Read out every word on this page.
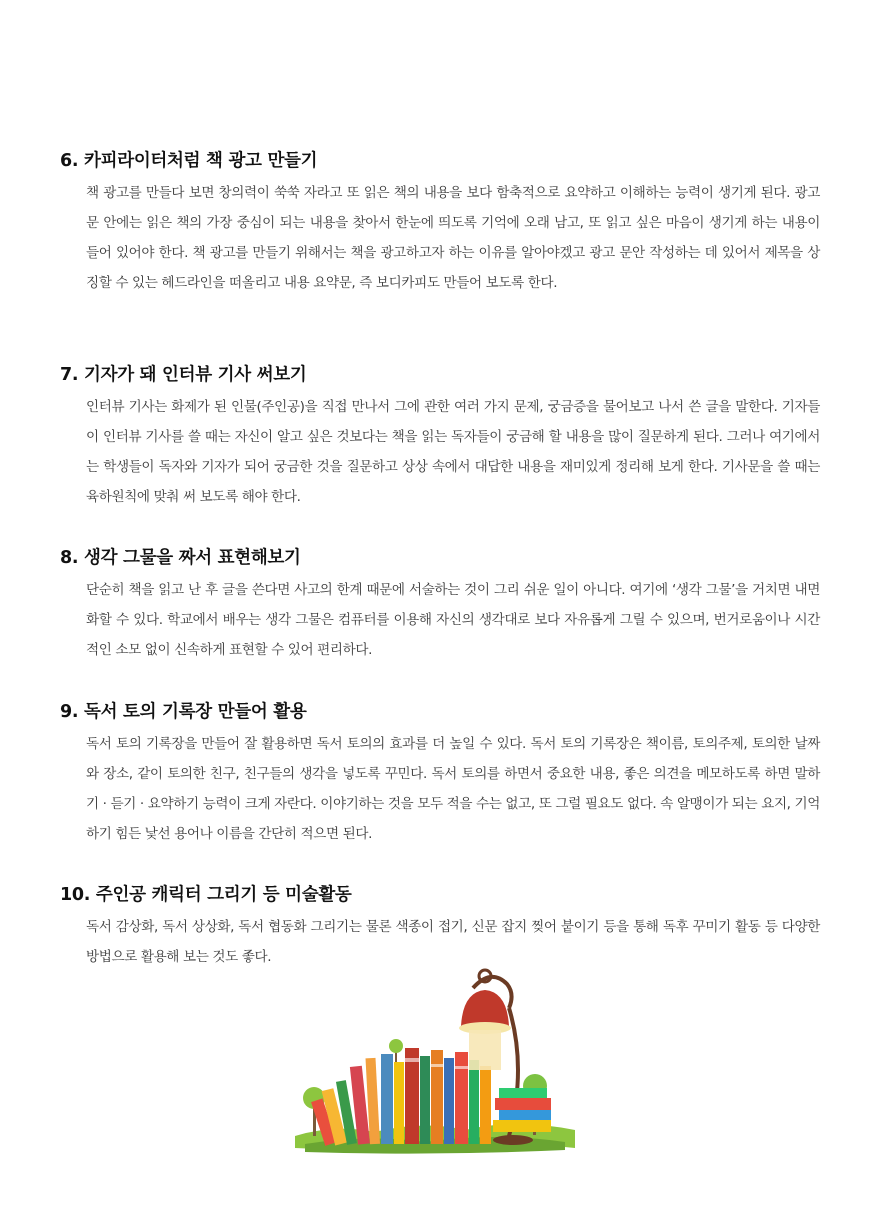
6. 카피라이터처럼 책 광고 만들기

책 광고를 만들다 보면 창의력이 쑥쑥 자라고 또 읽은 책의 내용을 보다 함축적으로 요약하고 이해하는 능력이 생기게 된다. 광고문 안에는 읽은 책의 가장 중심이 되는 내용을 찾아서 한눈에 띄도록 기억에 오래 남고, 또 읽고 싶은 마음이 생기게 하는 내용이 들어 있어야 한다. 책 광고를 만들기 위해서는 책을 광고하고자 하는 이유를 알아야겠고 광고 문안 작성하는 데 있어서 제목을 상징할 수 있는 헤드라인을 떠올리고 내용 요약문, 즉 보디카피도 만들어 보도록 한다.

7. 기자가 돼 인터뷰 기사 써보기

인터뷰 기사는 화제가 된 인물(주인공)을 직접 만나서 그에 관한 여러 가지 문제, 궁금증을 물어보고 나서 쓴 글을 말한다. 기자들이 인터뷰 기사를 쓸 때는 자신이 알고 싶은 것보다는 책을 읽는 독자들이 궁금해 할 내용을 많이 질문하게 된다. 그러나 여기에서는 학생들이 독자와 기자가 되어 궁금한 것을 질문하고 상상 속에서 대답한 내용을 재미있게 정리해 보게 한다. 기사문을 쓸 때는 육하원칙에 맞춰 써 보도록 해야 한다.

8. 생각 그물을 짜서 표현해보기

단순히 책을 읽고 난 후 글을 쓴다면 사고의 한계 때문에 서술하는 것이 그리 쉬운 일이 아니다. 여기에 ‘생각 그물’을 거치면 내면화할 수 있다. 학교에서 배우는 생각 그물은 컴퓨터를 이용해 자신의 생각대로 보다 자유롭게 그릴 수 있으며, 번거로움이나 시간적인 소모 없이 신속하게 표현할 수 있어 편리하다.

9. 독서 토의 기록장 만들어 활용

독서 토의 기록장을 만들어 잘 활용하면 독서 토의의 효과를 더 높일 수 있다. 독서 토의 기록장은 책이름, 토의주제, 토의한 날짜와 장소, 같이 토의한 친구, 친구들의 생각을 넣도록 꾸민다. 독서 토의를 하면서 중요한 내용, 좋은 의견을 메모하도록 하면 말하기 · 듣기 · 요약하기 능력이 크게 자란다. 이야기하는 것을 모두 적을 수는 없고, 또 그럴 필요도 없다. 속 알맹이가 되는 요지, 기억하기 힘든 낯선 용어나 이름을 간단히 적으면 된다.

10. 주인공 캐릭터 그리기 등 미술활동

독서 감상화, 독서 상상화, 독서 협동화 그리기는 물론 색종이 접기, 신문 잡지 찢어 붙이기 등을 통해 독후 꾸미기 활동 등 다양한 방법으로 활용해 보는 것도 좋다.
